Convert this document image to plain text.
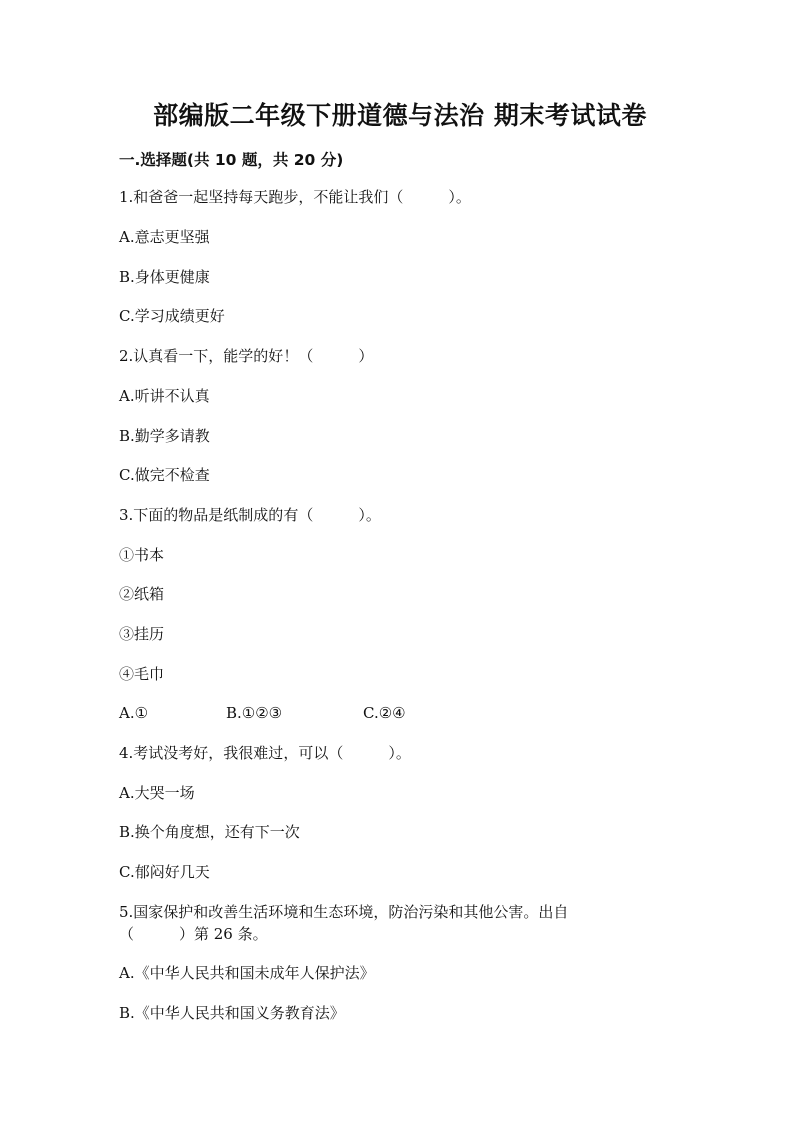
部编版二年级下册道德与法治 期末考试试卷
一.选择题(共 10 题，共 20 分)
1.和爸爸一起坚持每天跑步，不能让我们（　　　）。
A.意志更坚强
B.身体更健康
C.学习成绩更好
2.认真看一下，能学的好！（　　　）
A.听讲不认真
B.勤学多请教
C.做完不检查
3.下面的物品是纸制成的有（　　　）。
①书本
②纸箱
③挂历
④毛巾
A.①	B.①②③	C.②④
4.考试没考好，我很难过，可以（　　　）。
A.大哭一场
B.换个角度想，还有下一次
C.郁闷好几天
5.国家保护和改善生活环境和生态环境，防治污染和其他公害。出自
（　　　）第 26 条。
A.《中华人民共和国未成年人保护法》
B.《中华人民共和国义务教育法》
